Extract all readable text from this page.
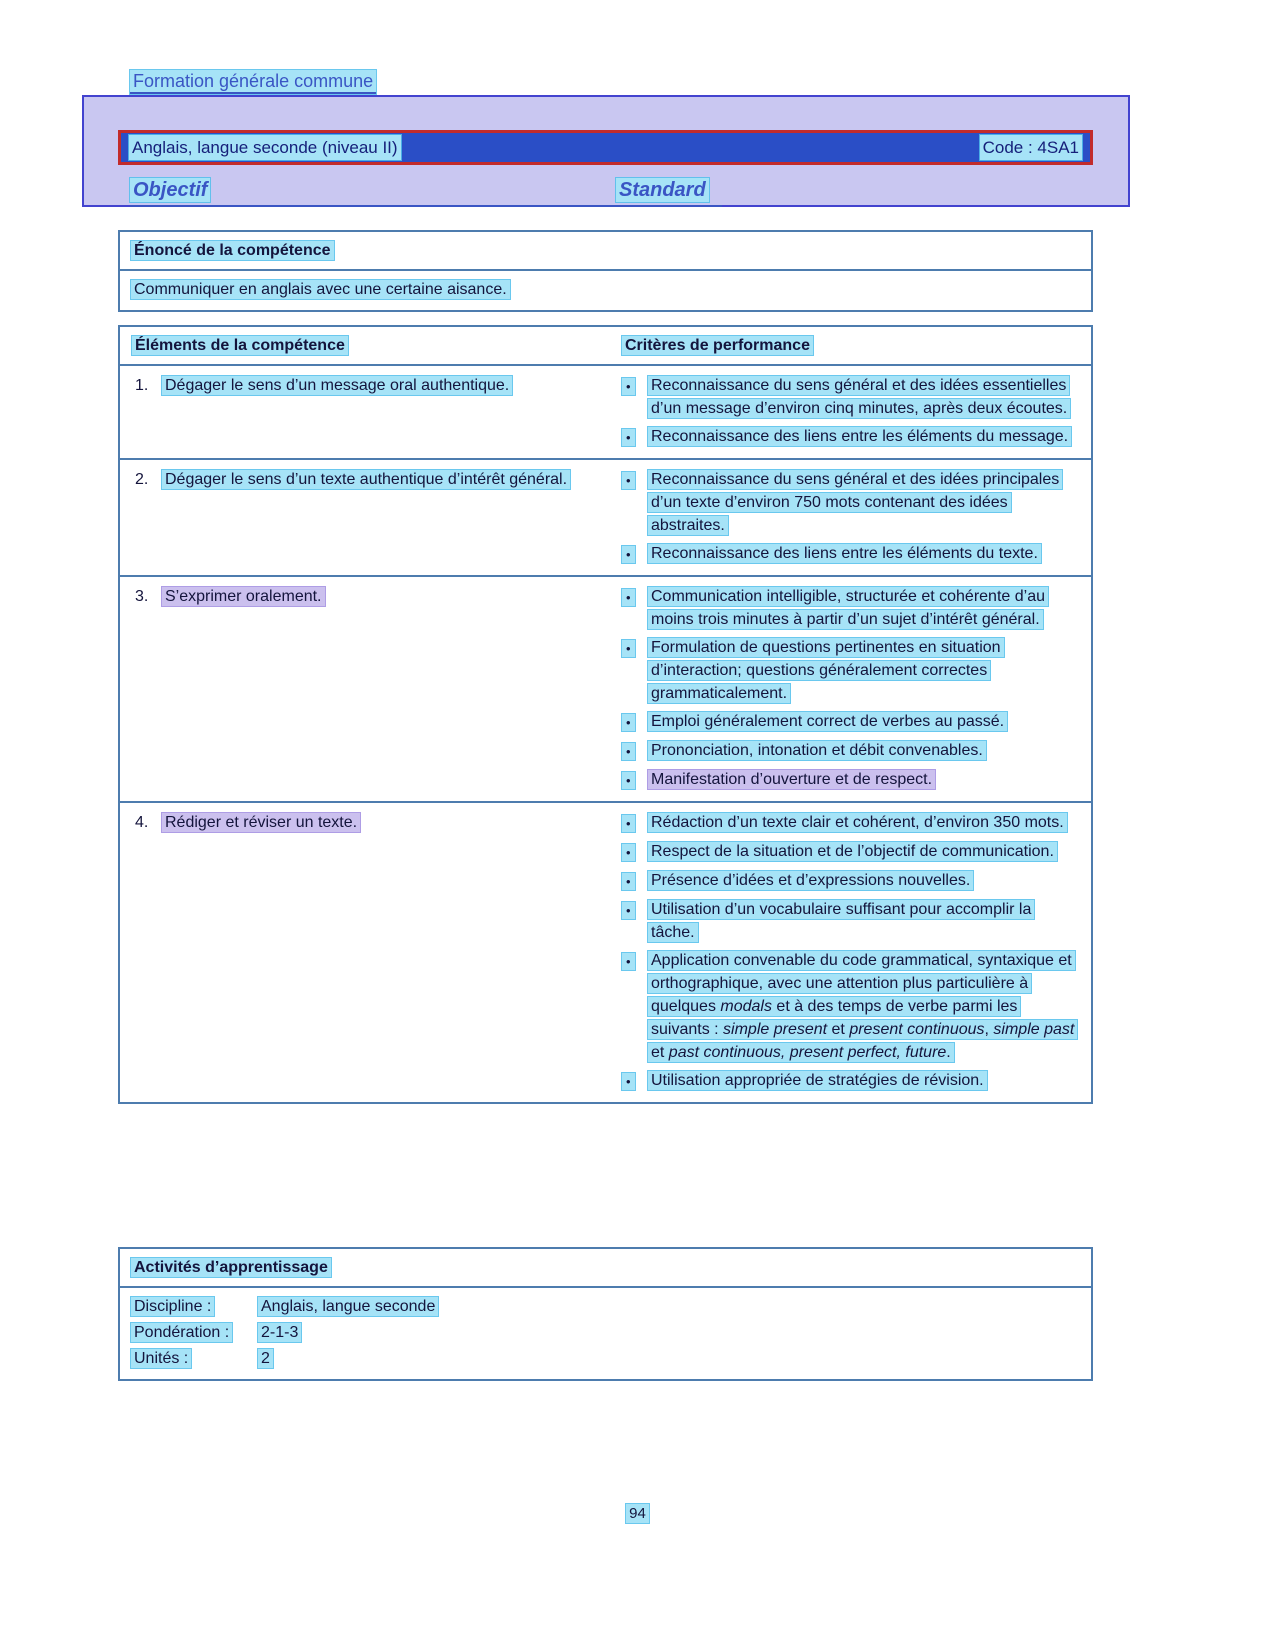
Formation générale commune
Anglais, langue seconde (niveau II)	Code : 4SA1
Objectif	Standard
Énoncé de la compétence
Communiquer en anglais avec une certaine aisance.
Éléments de la compétence	Critères de performance
1. Dégager le sens d’un message oral authentique.	•	Reconnaissance du sens général et des idées essentielles d’un message d’environ cinq minutes, après deux écoutes.
•	Reconnaissance des liens entre les éléments du message.
2. Dégager le sens d’un texte authentique d’intérêt général.	•	Reconnaissance du sens général et des idées principales d’un texte d’environ 750 mots contenant des idées abstraites.
•	Reconnaissance des liens entre les éléments du texte.
3. S’exprimer oralement.	•	Communication intelligible, structurée et cohérente d’au moins trois minutes à partir d’un sujet d’intérêt général.
•	Formulation de questions pertinentes en situation d’interaction; questions généralement correctes grammaticalement.
•	Emploi généralement correct de verbes au passé.
•	Prononciation, intonation et débit convenables.
•	Manifestation d’ouverture et de respect.
4. Rédiger et réviser un texte.	•	Rédaction d’un texte clair et cohérent, d’environ 350 mots.
•	Respect de la situation et de l’objectif de communication.
•	Présence d’idées et d’expressions nouvelles.
•	Utilisation d’un vocabulaire suffisant pour accomplir la tâche.
•	Application convenable du code grammatical, syntaxique et orthographique, avec une attention plus particulière à quelques modals et à des temps de verbe parmi les suivants : simple present et present continuous, simple past et past continuous, present perfect, future.
•	Utilisation appropriée de stratégies de révision.
Activités d’apprentissage
Discipline :	Anglais, langue seconde
Pondération :	2-1-3
Unités :	2
94
